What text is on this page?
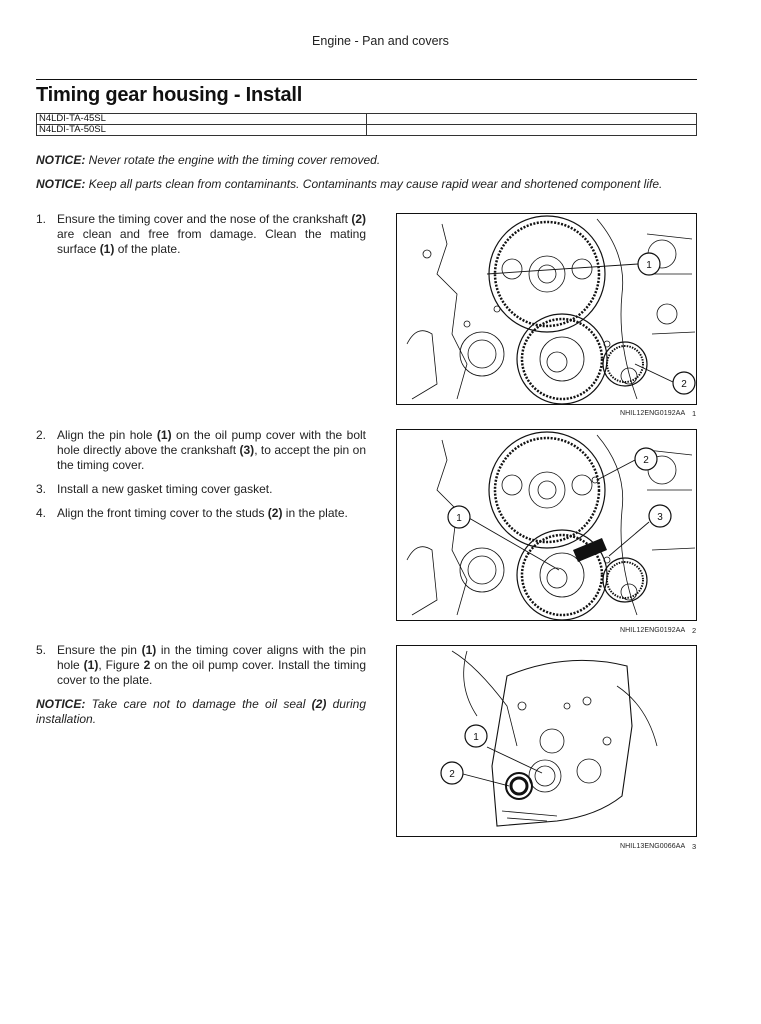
Engine - Pan and covers
Timing gear housing - Install
N4LDI-TA-45SL	
N4LDI-TA-50SL	
NOTICE: Never rotate the engine with the timing cover removed.
NOTICE: Keep all parts clean from contaminants. Contaminants may cause rapid wear and shortened component life.
1. Ensure the timing cover and the nose of the crankshaft (2) are clean and free from damage. Clean the mating surface (1) of the plate.
2. Align the pin hole (1) on the oil pump cover with the bolt hole directly above the crankshaft (3), to accept the pin on the timing cover.
3. Install a new gasket timing cover gasket.
4. Align the front timing cover to the studs (2) in the plate.
5. Ensure the pin (1) in the timing cover aligns with the pin hole (1), Figure 2 on the oil pump cover. Install the timing cover to the plate.
NOTICE: Take care not to damage the oil seal (2) during installation.
1
2
NHIL12ENG0192AA 1
2
1	3
NHIL12ENG0192AA 2
1
2
NHIL13ENG0066AA 3
